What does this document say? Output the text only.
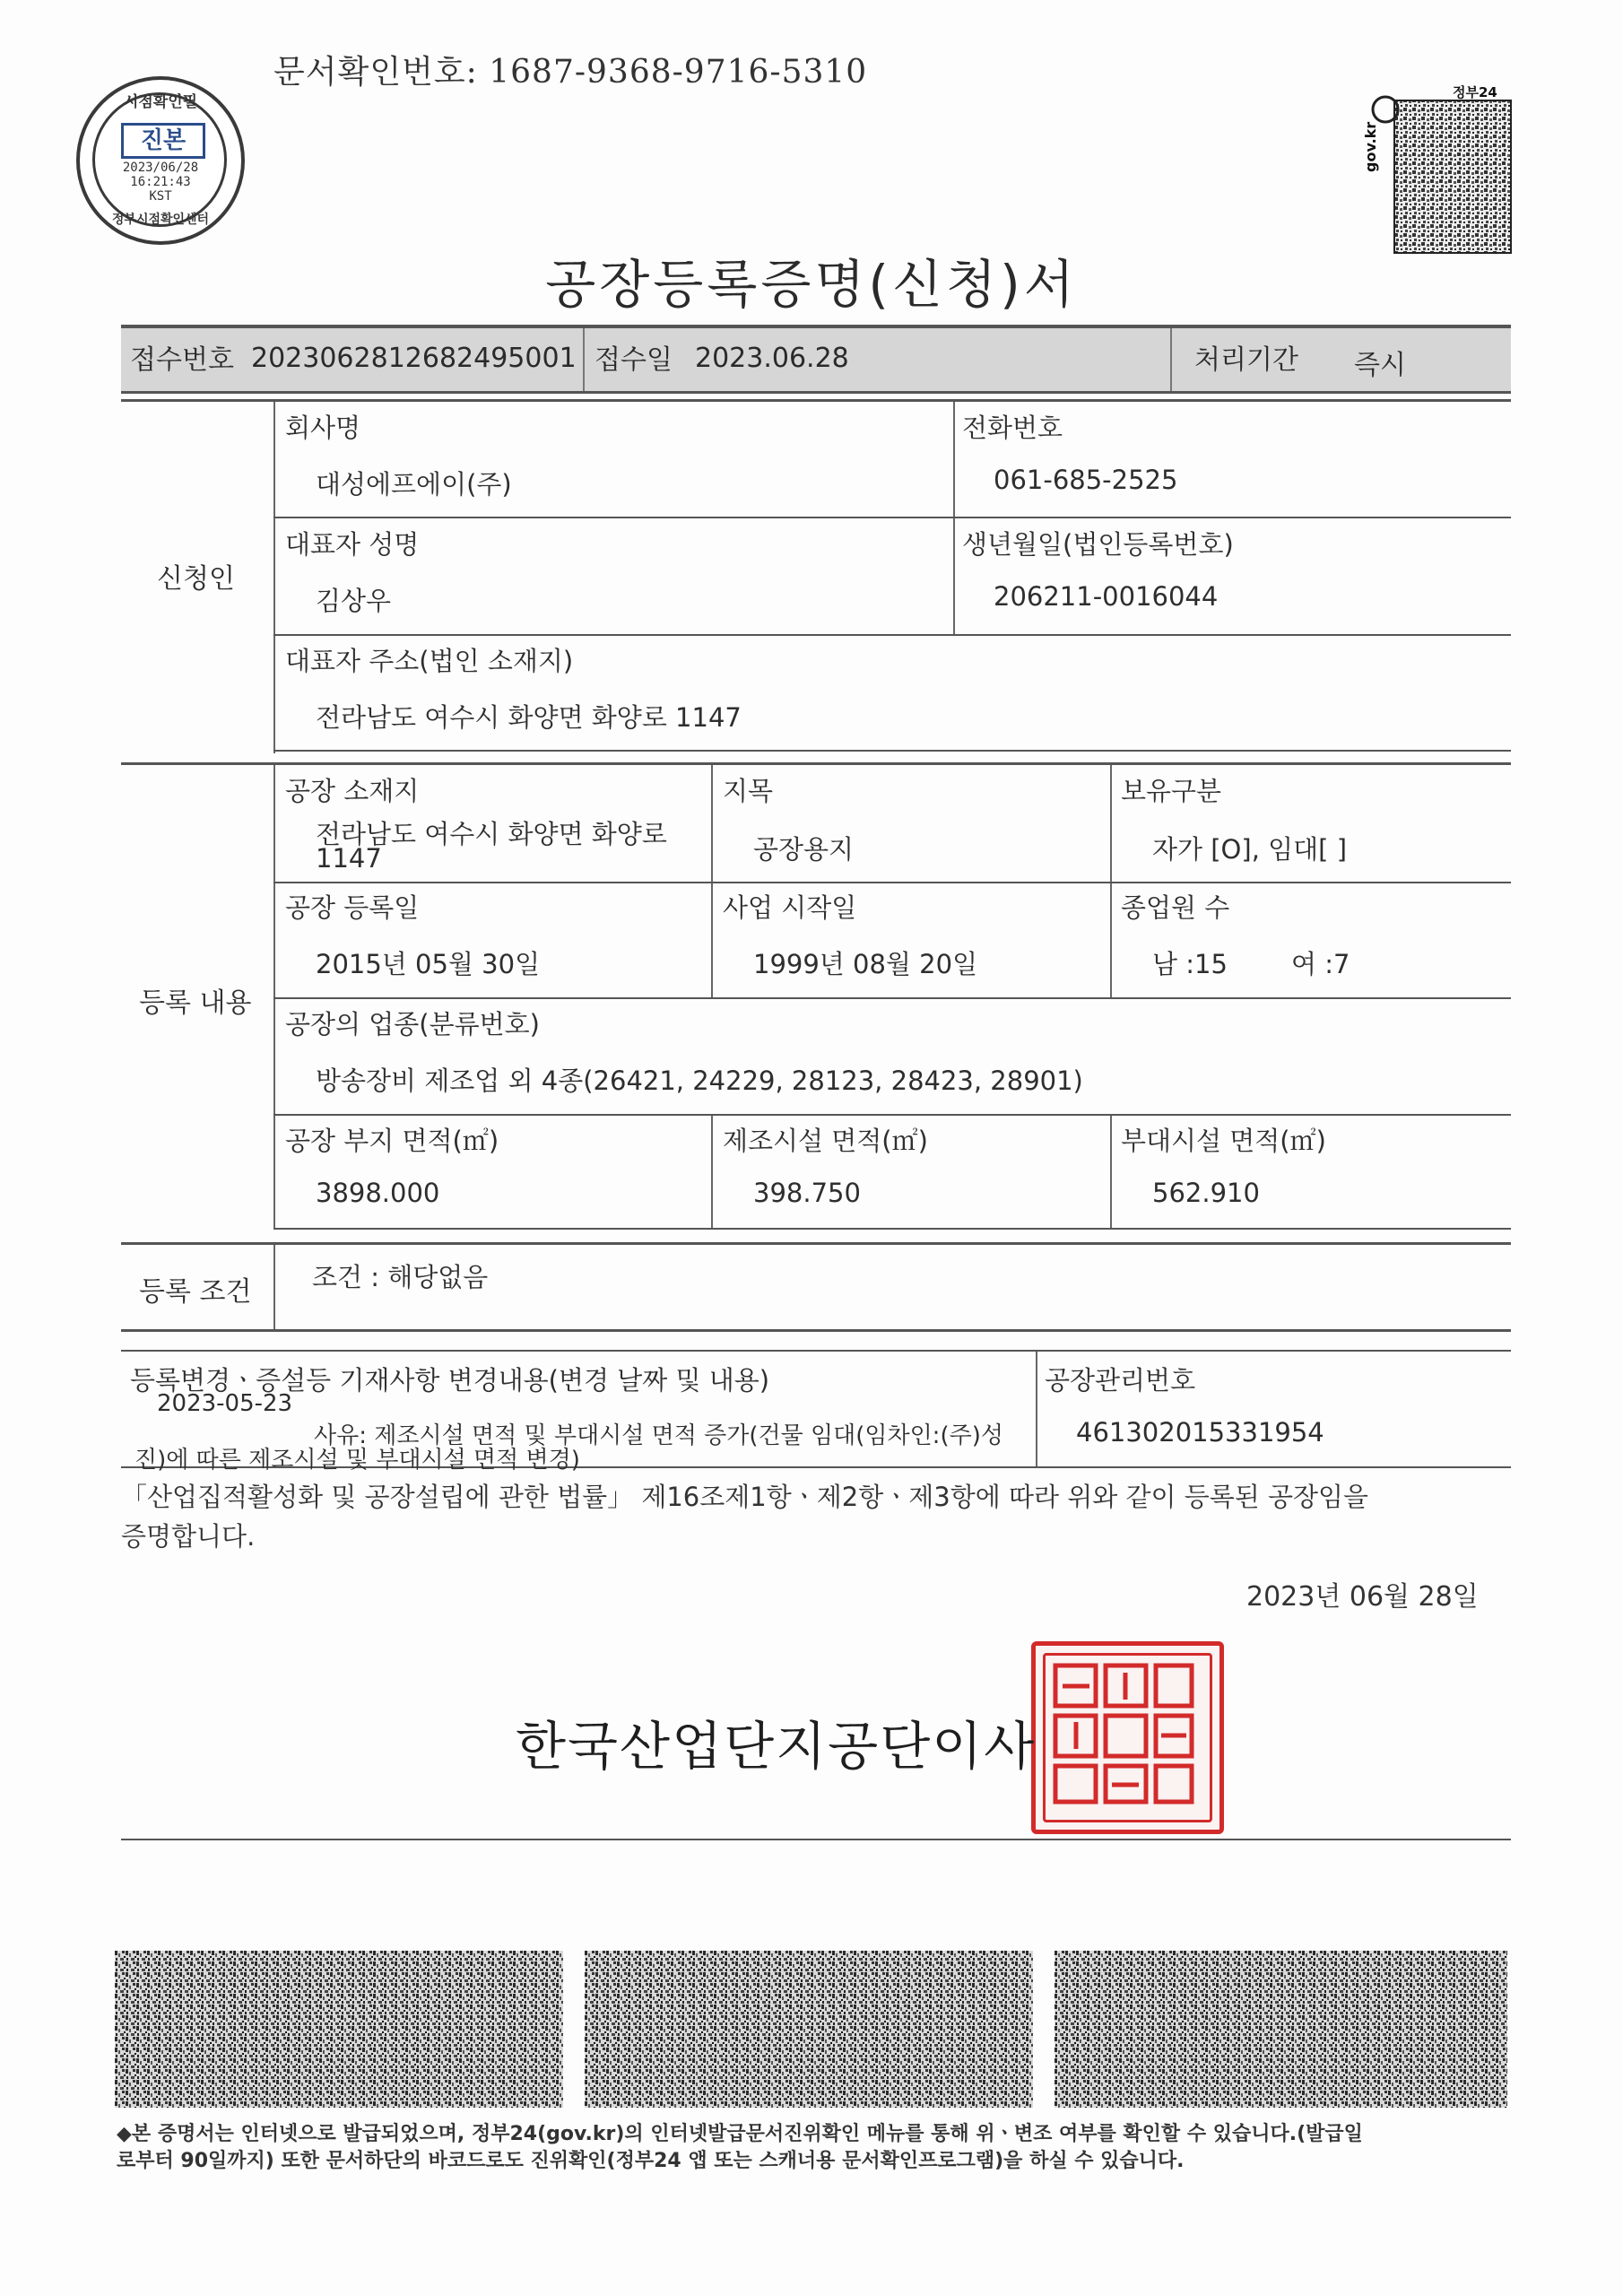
문서확인번호: 1687-9368-9716-5310
시점확인필
진본
2023/06/28
16:21:43
KST
정부시점확인센터
정부24
gov.kr
공장등록증명(신청)서
접수번호 20230628126824950​01 접수일 2023.06.28	처리기간 즉시
신청인
회사명
대성에프에이(주)
전화번호
061-685-2525
대표자 성명
김상우
생년월일(법인등록번호)
206211-0016044
대표자 주소(법인 소재지)
전라남도 여수시 화양면 화양로 1147
등록 내용
공장 소재지
전라남도 여수시 화양면 화양로
1147
지목
공장용지
보유구분
자가 [O], 임대[ ]
공장 등록일
2015년 05월 30일
사업 시작일
1999년 08월 20일
종업원 수
남 :15 여 :7
공장의 업종(분류번호)
방송장비 제조업 외 4종(26421, 24229, 28123, 28423, 28901)
공장 부지 면적(㎡)
3898.000
제조시설 면적(㎡)
398.750
부대시설 면적(㎡)
562.910
등록 조건 조건 : 해당없음
등록변경ㆍ증설등 기재사항 변경내용(변경 날짜 및 내용)
2023-05-23
사유: 제조시설 면적 및 부대시설 면적 증가(건물 임대(임차인:(주)성
진)에 따른 제조시설 및 부대시설 면적 변경)
공장관리번호
461302015331954
「산업집적활성화 및 공장설립에 관한 법률」 제16조제1항ㆍ제2항ㆍ제3항에 따라 위와 같이 등록된 공장임을
증명합니다.
2023년 06월 28일
한국산업단지공단이사
◆본 증명서는 인터넷으로 발급되었으며, 정부24(gov.kr)의 인터넷발급문서진위확인 메뉴를 통해 위ㆍ변조 여부를 확인할 수 있습니다.(발급일
로부터 90일까지) 또한 문서하단의 바코드로도 진위확인(정부24 앱 또는 스캐너용 문서확인프로그램)을 하실 수 있습니다.
